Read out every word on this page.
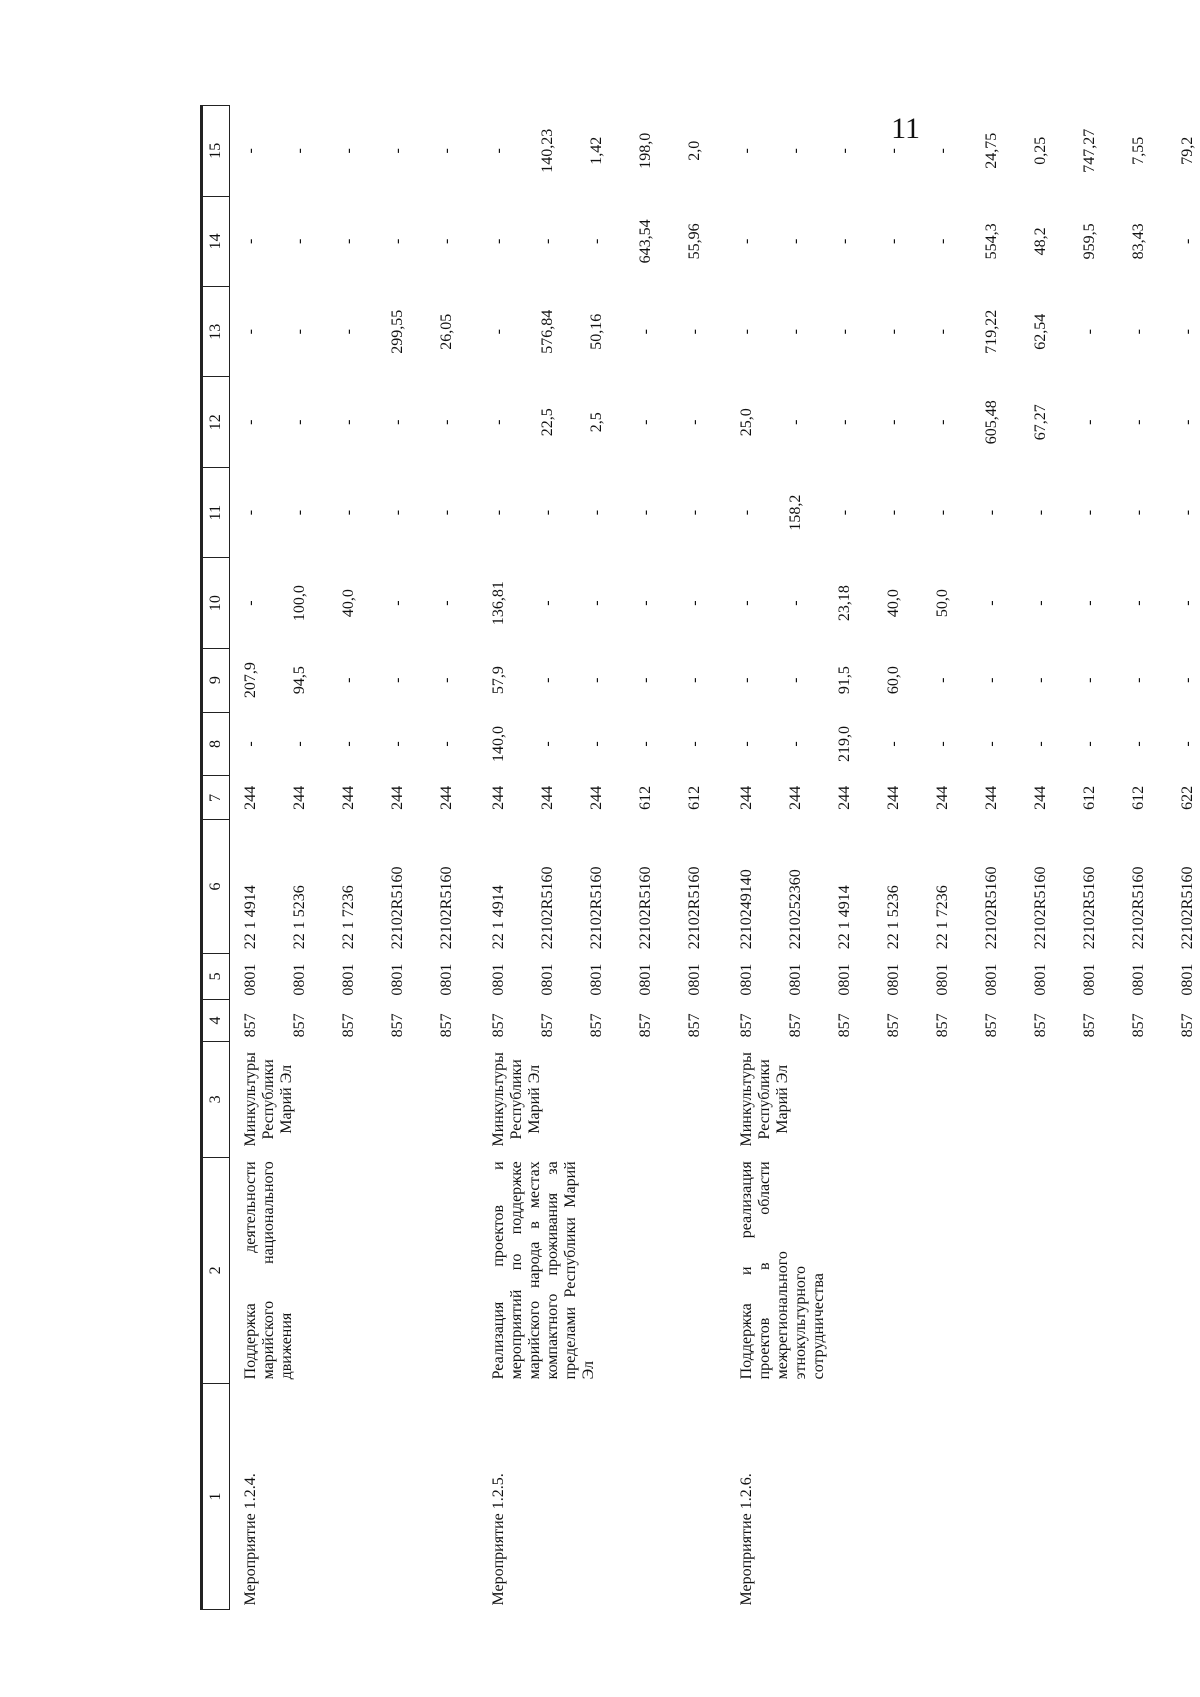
11
1	2	3	4	5	6	7	8	9	10	11	12	13	14	15
Мероприятие 1.2.4.	Поддержка деятельности марийского национального движения	Минкультуры Республики Марий Эл	857	0801	22 1 4914	244	-	207,9	-	-	-	-	-	-
			857	0801	22 1 5236	244	-	94,5	100,0	-	-	-	-	-
			857	0801	22 1 7236	244	-	-	40,0	-	-	-	-	-
			857	0801	22102R5160	244	-	-	-	-	-	299,55	-	-
			857	0801	22102R5160	244	-	-	-	-	-	26,05	-	-
Мероприятие 1.2.5.	Реализация проектов и мероприятий по поддержке марийского народа в местах компактного проживания за пределами Республики Марий Эл	Минкультуры Республики Марий Эл	857	0801	22 1 4914	244	140,0	57,9	136,81	-	-	-	-	-
			857	0801	22102R5160	244	-	-	-	-	22,5	576,84	-	140,23
			857	0801	22102R5160	244	-	-	-	-	2,5	50,16	-	1,42
			857	0801	22102R5160	612	-	-	-	-	-	-	643,54	198,0
			857	0801	22102R5160	612	-	-	-	-	-	-	55,96	2,0
Мероприятие 1.2.6.	Поддержка и реализация проектов в области межрегионального этнокультурного сотрудничества	Минкультуры Республики Марий Эл	857	0801	2210249140	244	-	-	-	-	25,0	-	-	-
			857	0801	2210252360	244	-	-	-	158,2	-	-	-	-
			857	0801	22 1 4914	244	219,0	91,5	23,18	-	-	-	-	-
			857	0801	22 1 5236	244	-	60,0	40,0	-	-	-	-	-
			857	0801	22 1 7236	244	-	-	50,0	-	-	-	-	-
			857	0801	22102R5160	244	-	-	-	-	605,48	719,22	554,3	24,75
			857	0801	22102R5160	244	-	-	-	-	67,27	62,54	48,2	0,25
			857	0801	22102R5160	612	-	-	-	-	-	-	959,5	747,27
			857	0801	22102R5160	612	-	-	-	-	-	-	83,43	7,55
			857	0801	22102R5160	622	-	-	-	-	-	-	-	79,2
